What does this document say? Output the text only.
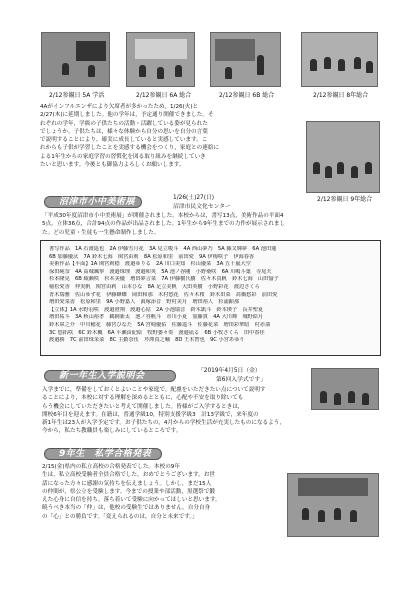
2/12参観日 5A 学活	2/12参観日 6A 総合	2/12参観日 6B 総合	2/12参観日 8年総合

4Aがインフルエンザにより欠席者が多かったため，1/26(火)と

2/27(木)に延期しました。他の学年は，予定通り開催できました。そ

れぞれの学年，学級の子供たちの活動・活躍している姿が見られた

でしょうか。子供たちは，様々な体験から自分の思いを自分の言葉

で説明することにより，確実に成長していると実感しています。こ

れからも子供が学習したことを実感する機会をつくり，家庭との連絡に

よる1年生からの家庭学習の習慣化を図る取り組みを継続していき

たいと思います。今後とも御協力よろしくお願いします。

2/12参観日 9年総合
沼津市小中美術展	1/26(土)27(日)
沼津市民文化センター

「平成30年度沼津市小中美術展」が開催されました。本校からは，書写13点，美術作品の平面4

5点，立体36点，合計94点の作品が出品されました。1年生から9年生までの力作が展示されまし

た。どの児童・生徒も一生懸命制作しました。

書写作品　1A 石渡遥也　2A 伊藤雪月花　3A 見立唆斗　4A 西山夢乃　5A 藤又輝夢　6A 池田蓮

6B 加藤優汰　7A 鈴木七海　関宮由莉　8A 松原和里　前田愛　9A 伊梅咲子　伊海春香

美術作品【平面】1A 関宮莉穏　渡邉ゆりる　2A 川口美知　杉山優菜　3A 五十嵐大空

保田純奈　4A 高城颯寧　渡邉珠理　渡邉和英　5A 池ノ谷剛　小野桑咲　6A 川嶋斗葉　寺尾天

杉本隆晃　6B 綾瀬咲　杉本美優　増田夢言菜　7A 伊藤樹氏樹　佐々木真帆　鈴木七海　山田愉子

稲松愛香　仲実帆　関宮由莉　山本ひな　8A 足立美帆　大田英樹　小野彩花　渡辺さくら

青木瑞雅　佐山ゆず花　伊藤蜂蝶　岡田和那　木村悠花　佐々木桜　鈴木田菜　髙橋悠彩　前田愛

増田愛菜香　松原和里　9A 小野嘉人　眞塚添音　野村美月　増田裕人　杉浦顕那

【立体】1A 水野羽咲　渡邉澄翔　渡邉心姑　2A 小池瑞音　鈴木凱斗　鈴木瑛子　長井聖夏

増田祐斗　3A 秋山裕孝　鵜飼新太　池ノ谷帆斗　市川小夏　加藤貫　4A 大川輝　城野絵月

鈴木皐之介　中川穂花　藤宮ひなた　5A 宮崎優佑　佐藤遥斗　佐藤花菜　増田彩華暗　村赤翡

3C 悠拓咲　6C 鈴木楓　6A 平瀬由紀絵　牧野萎々奏　渡邉凪る　6B 小牧さくら　田中春佳

渡邉勝　7C 前田珠茉菜　8C 主勤奈伍　芹澤真之輔　8D 王木智也　9C 小宮あゆり

新一年生入学説明会	「2019年4月5日（金）
第6回入学式です」

入学までに，準備をしておくとよいことや家庭で，配慮をいただきたい点について説明す

ることにより，本校に対する理解を深めるとともに，心配や不安を取り除いても

らう機会にしていただきたいと考えて開催しました。皆様がご入学するときは，

開校6年目を迎えます。在籍は，普通学級10，特別支援学級3　計13学級で，来年度の

新1年生は23人が入学予定です。お子供たちの，4月からの学校生活が充実したものになるよう，

今から，私たち教職員も楽しみにしているところです。

9年生　私学合格発表

2/15(金)県内の私立高校の合格発表でした。本校の9年

生は，私立高校受験者全員合格でした。おめでとうございます。お世

話になった方々に感謝の気持ちを伝えましょう。しかし，まだ15人

の仲間が，県公立を受験します。今までの授業や部活動，黒選祭で鍛

えた心身に自信を持ち，落ち着いて受験に向かってほしいと思います。

暁うべき本当の「仲」は，他校の受験生ではありません。自分自身

の「心」との勝負です。「変えられるのは，自分と未来です。」
